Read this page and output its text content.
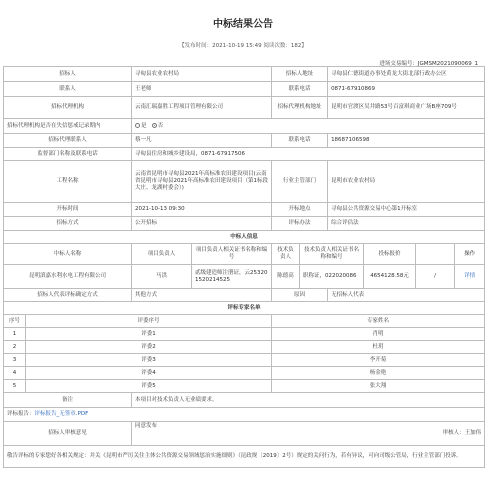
中标结果公告
【发布时间：2021-10-19 15:49 阅读次数：182】
进场交易编号：JGMSM2021090069_1
招标人		寻甸县农业农村局		招标人地址		寻甸县仁德街道办事处黄龙大街北部行政办公区			
联系人		王老师		联系电话		0871-67910869			
招标代理机构		云南汇瑞嘉胜工程项目管理有限公司		招标代理机构地址		昆明市官渡区吴井路53号百富琪商业广场B座709号			
招标代理机构是否在失信惩戒记录期内		是 否							
招标代理联系人		蔡一凡		联系电话		18687106598			
监督部门名称及联系电话		寻甸县住房和城乡建设局，0871-67917506							
工程名称		云南省昆明市寻甸县2021年高标准农田建设项目(云南省昆明市寻甸县2021年高标准农田建设项目（第1标段 大庄、龙湖村委会）)		行业主管部门		昆明市农业农村局			
开标时间		2021-10-13 09:30		开标地点		寻甸县公共资源交易中心第1开标室			
招标方式		公开招标		评标办法		综合评估法			
中标人信息									
中标人名称		项目负责人	项目负责人相关证书名称和编号	技术负责人	技术负责人相关证书名称和编号		投标报价		操作
昆明滇嘉水利水电工程有限公司		马洪	贰级建造师注册证，云253201520214525	陈德高	职称证，022020086		4654128.58元	/	详情
招标人代表评标确定方式		其他方式		原因		无招标人代表			
评标专家名单									
序号	评委序号			专家姓名					
1	评委1			肖明					
2	评委2			杜玥					
3	评委3			李开菊					
4	评委4			杨金艳					
5	评委5			张大翔					
备注		本项目对技术负责人无业绩要求。							
评标报告：评标报告_无签章.PDF									
招标人审核意见		同意发布
审核人：王加伟							

敬告评标的专家您好各相关规定：并关《昆明市严厉关住主体公共资源交易领域惩治实施细则》（昆政规〔2019〕2号）规定的关问行为，若有异议，可向司级公管局，行业主管部门投诉。									
